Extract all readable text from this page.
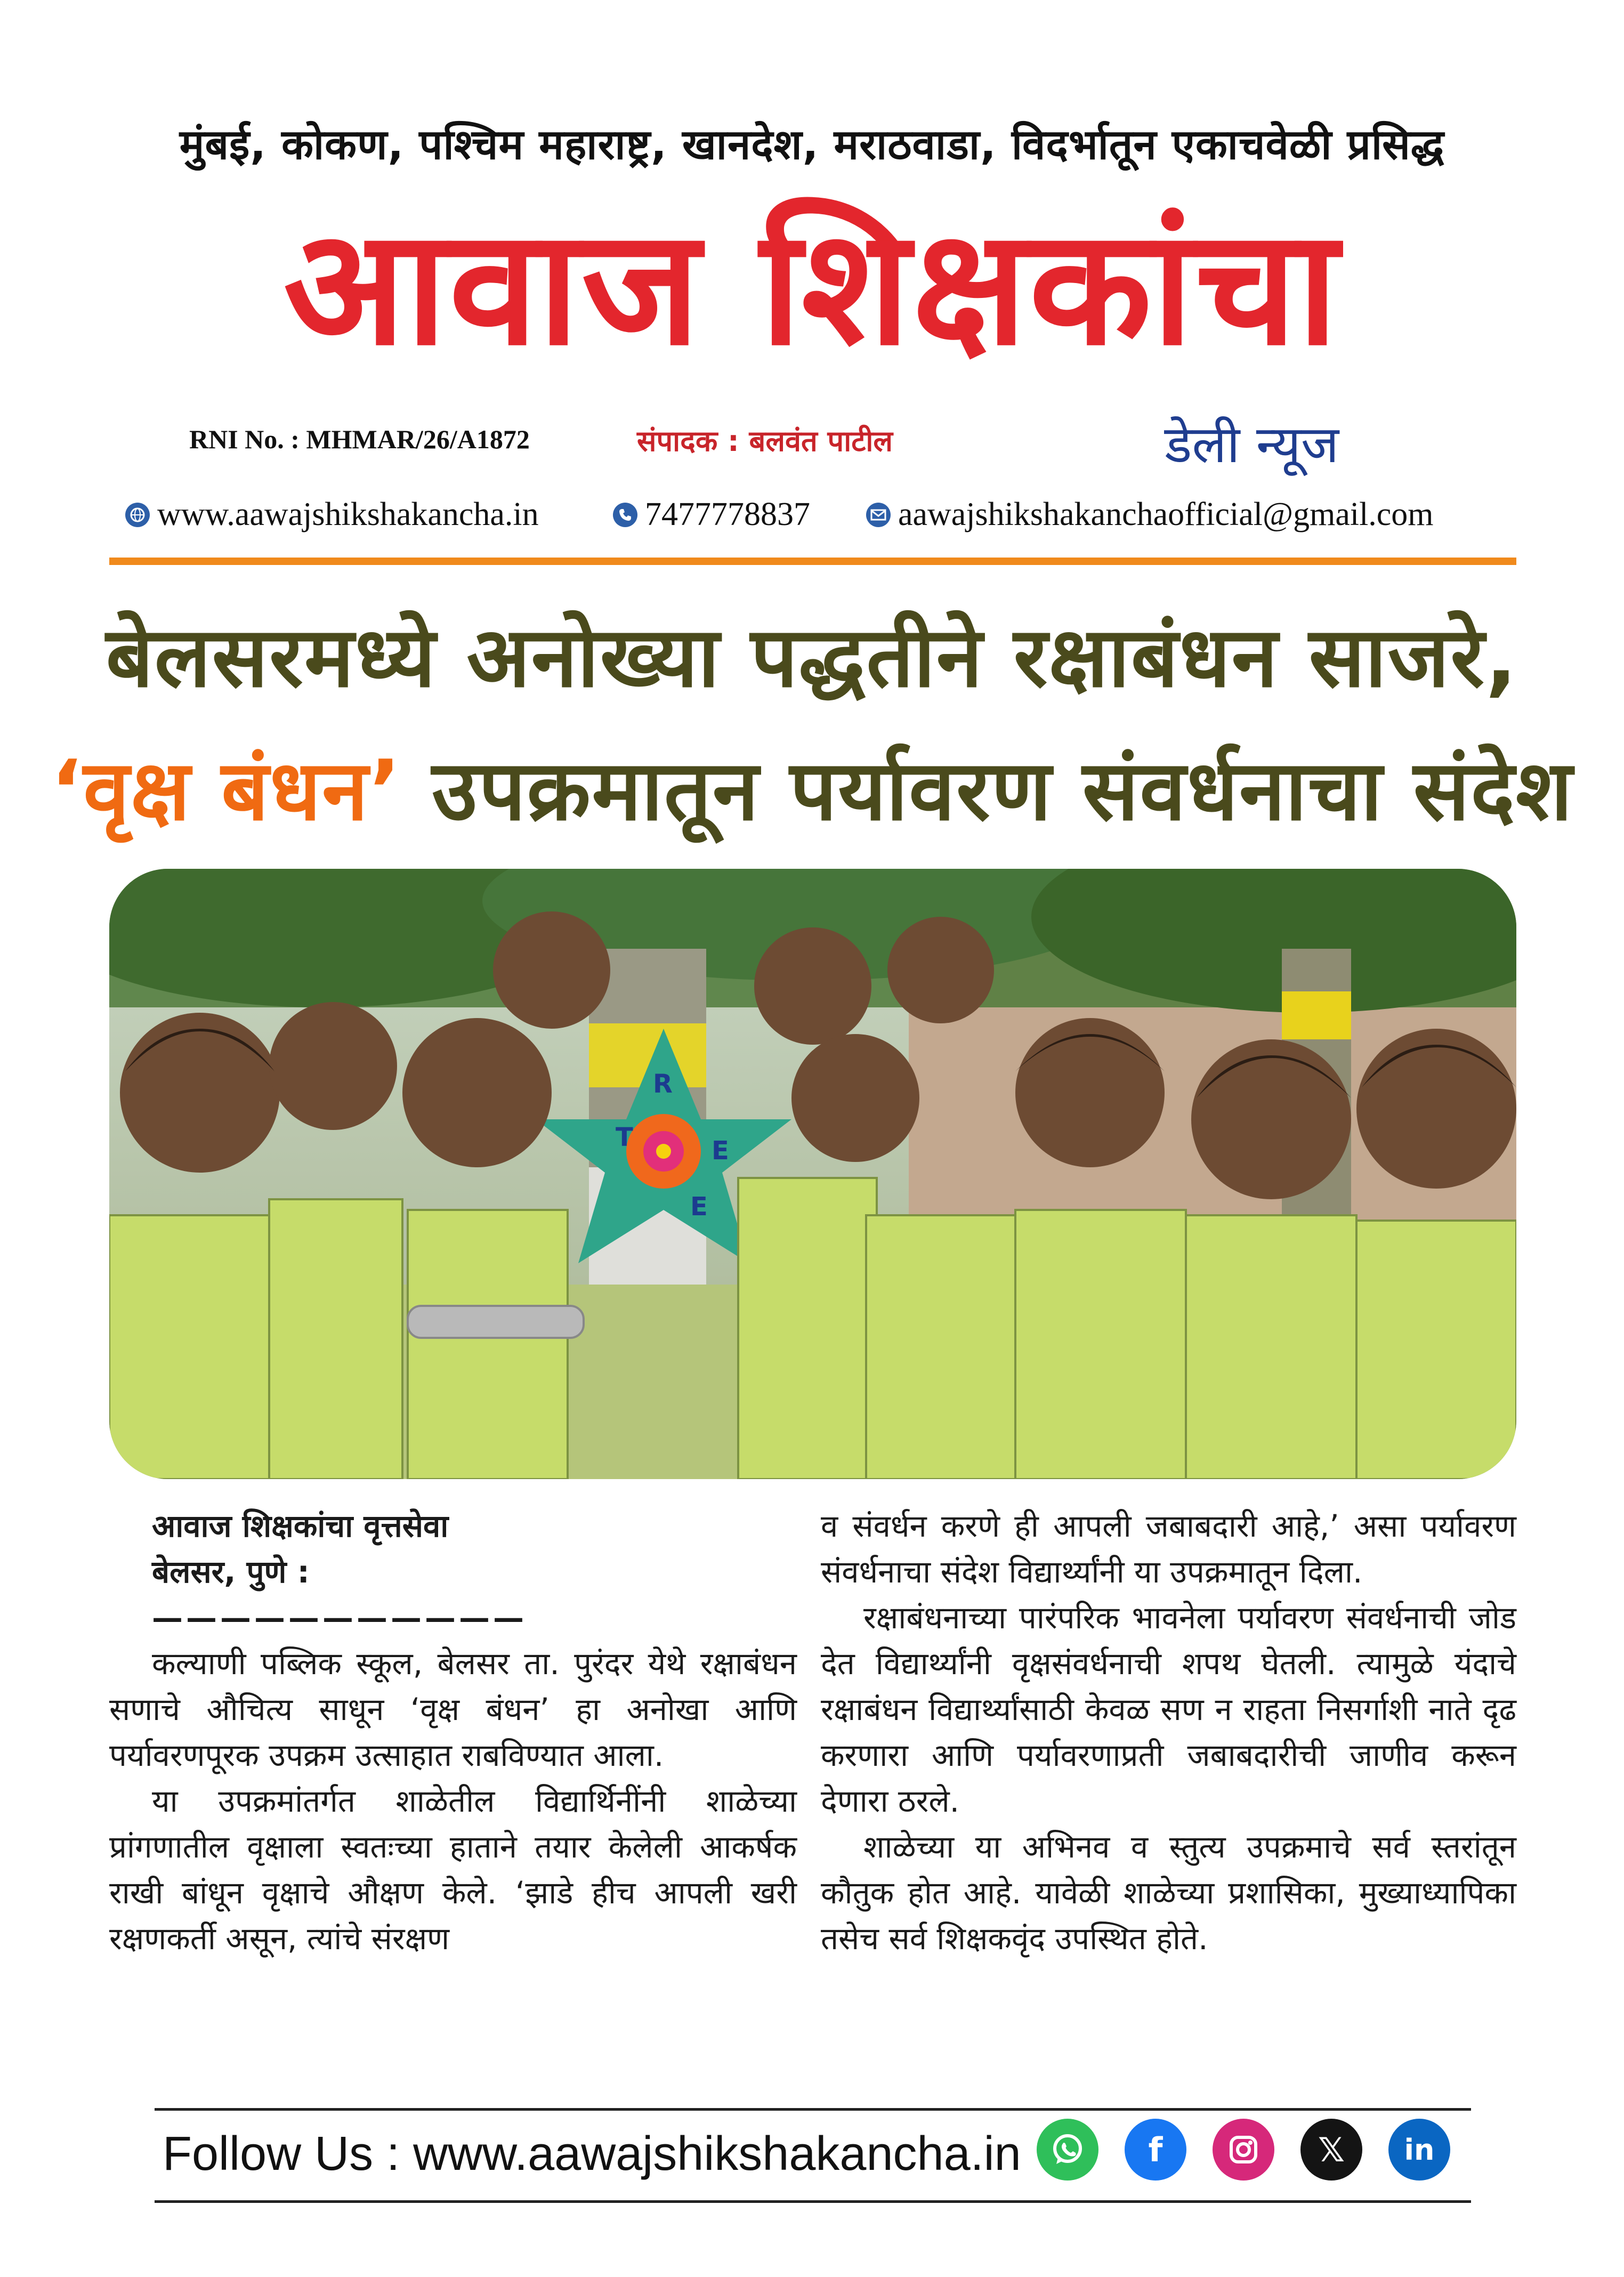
मुंबई, कोकण, पश्चिम महाराष्ट्र, खानदेश, मराठवाडा, विदर्भातून एकाचवेळी प्रसिद्ध
आवाज शिक्षकांचा
RNI No. : MHMAR/26/A1872	संपादक : बलवंत पाटील	डेली न्यूज
www.aawajshikshakancha.in	7477778837	aawajshikshakanchaofficial@gmail.com
बेलसरमध्ये अनोख्या पद्धतीने रक्षाबंधन साजरे,
‘वृक्ष बंधन’ उपक्रमातून पर्यावरण संवर्धनाचा संदेश
T
R
E
E

आवाज शिक्षकांचा वृत्तसेवा

बेलसर, पुणे :

———————————

कल्याणी पब्लिक स्कूल, बेलसर ता. पुरंदर येथे रक्षाबंधन सणाचे औचित्य साधून ‘वृक्ष बंधन’ हा अनोखा आणि पर्यावरणपूरक उपक्रम उत्साहात राबविण्यात आला.

या उपक्रमांतर्गत शाळेतील विद्यार्थिनींनी शाळेच्या प्रांगणातील वृक्षाला स्वतःच्या हाताने तयार केलेली आकर्षक राखी बांधून वृक्षाचे औक्षण केले. ‘झाडे हीच आपली खरी रक्षणकर्ती असून, त्यांचे संरक्षण

व संवर्धन करणे ही आपली जबाबदारी आहे,’ असा पर्यावरण संवर्धनाचा संदेश विद्यार्थ्यांनी या उपक्रमातून दिला.

रक्षाबंधनाच्या पारंपरिक भावनेला पर्यावरण संवर्धनाची जोड देत विद्यार्थ्यांनी वृक्षसंवर्धनाची शपथ घेतली. त्यामुळे यंदाचे रक्षाबंधन विद्यार्थ्यांसाठी केवळ सण न राहता निसर्गाशी नाते दृढ करणारा आणि पर्यावरणाप्रती जबाबदारीची जाणीव करून देणारा ठरले.

शाळेच्या या अभिनव व स्तुत्य उपक्रमाचे सर्व स्तरांतून कौतुक होत आहे. यावेळी शाळेच्या प्रशासिका, मुख्याध्यापिका तसेच सर्व शिक्षकवृंद उपस्थित होते.

Follow Us : www.aawajshikshakancha.in	f	𝕏 in
